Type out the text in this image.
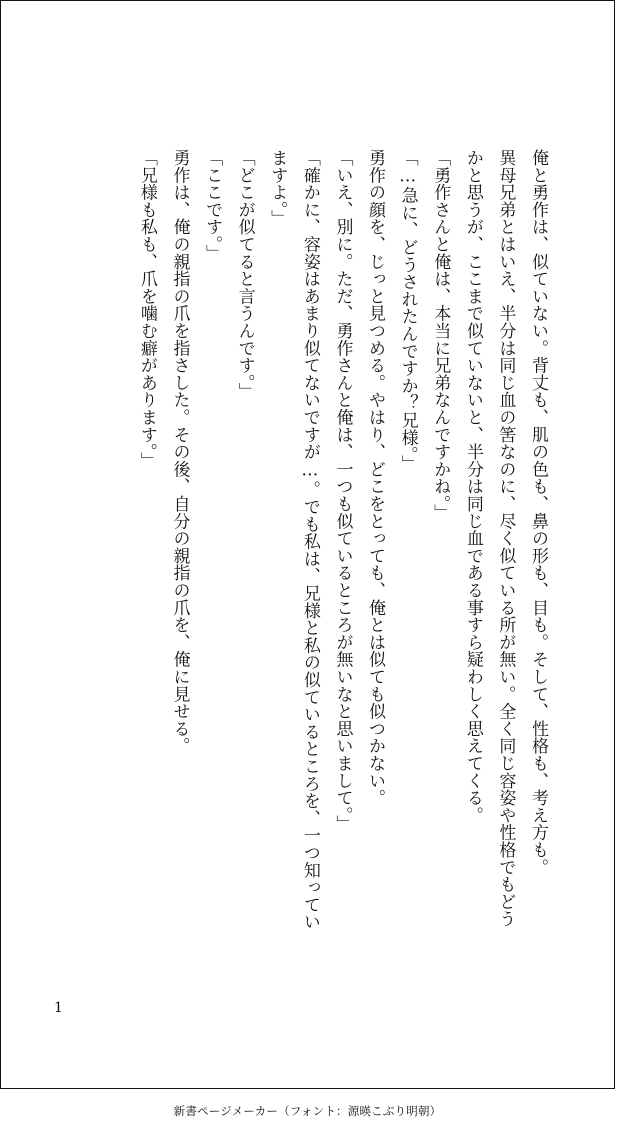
俺と勇作は、似ていない。背丈も、肌の色も、鼻の形も、目も。そして、性格も、考え方も。

異母兄弟とはいえ、半分は同じ血の筈なのに、尽く似ている所が無い。全く同じ容姿や性格でもどうかと思うが、ここまで似ていないと、半分は同じ血である事すら疑わしく思えてくる。

「勇作さんと俺は、本当に兄弟なんですかね。」

「…急に、どうされたんですか？兄様。」

勇作の顔を、じっと見つめる。やはり、どこをとっても、俺とは似ても似つかない。

「いえ、別に。ただ、勇作さんと俺は、一つも似ているところが無いなと思いまして。」

「確かに、容姿はあまり似てないですが…。でも私は、兄様と私の似ているところを、一つ知っていますよ。」

「どこが似てると言うんです。」

「ここです。」

勇作は、俺の親指の爪を指さした。その後、自分の親指の爪を、俺に見せる。

「兄様も私も、爪を噛む癖があります。」

1
新書ページメーカー（フォント：源暎こぶり明朝）
